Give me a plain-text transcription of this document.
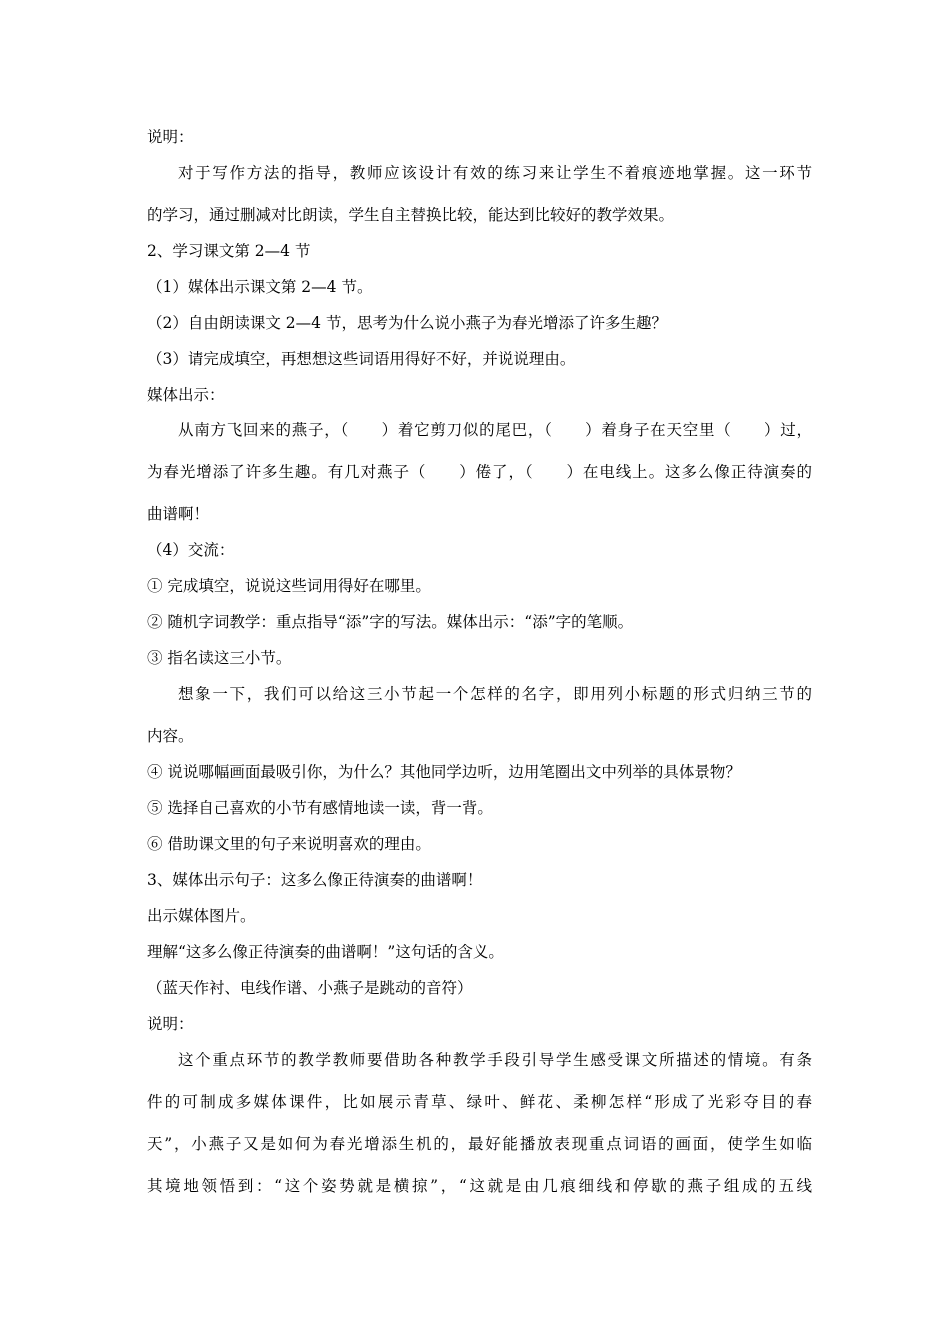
说明：
对于写作方法的指导，教师应该设计有效的练习来让学生不着痕迹地掌握。这一环节
的学习，通过删减对比朗读，学生自主替换比较，能达到比较好的教学效果。
2、学习课文第 2—4 节
（1）媒体出示课文第 2—4 节。
（2）自由朗读课文 2—4 节，思考为什么说小燕子为春光增添了许多生趣？
（3）请完成填空，再想想这些词语用得好不好，并说说理由。
媒体出示：
从南方飞回来的燕子，（　　）着它剪刀似的尾巴，（　　）着身子在天空里（　　）过，
为春光增添了许多生趣。有几对燕子（　　）倦了，（　　）在电线上。这多么像正待演奏的
曲谱啊！
（4）交流：
① 完成填空，说说这些词用得好在哪里。
② 随机字词教学：重点指导“添”字的写法。媒体出示：“添”字的笔顺。
③ 指名读这三小节。
想象一下，我们可以给这三小节起一个怎样的名字，即用列小标题的形式归纳三节的
内容。
④ 说说哪幅画面最吸引你，为什么？其他同学边听，边用笔圈出文中列举的具体景物？
⑤ 选择自己喜欢的小节有感情地读一读，背一背。
⑥ 借助课文里的句子来说明喜欢的理由。
3、媒体出示句子：这多么像正待演奏的曲谱啊！
出示媒体图片。
理解“这多么像正待演奏的曲谱啊！”这句话的含义。
（蓝天作衬、电线作谱、小燕子是跳动的音符）
说明：
这个重点环节的教学教师要借助各种教学手段引导学生感受课文所描述的情境。有条
件的可制成多媒体课件，比如展示青草、绿叶、鲜花、柔柳怎样“形成了光彩夺目的春
天”，小燕子又是如何为春光增添生机的，最好能播放表现重点词语的画面，使学生如临
其境地领悟到：“这个姿势就是横掠”，“这就是由几痕细线和停歇的燕子组成的五线
